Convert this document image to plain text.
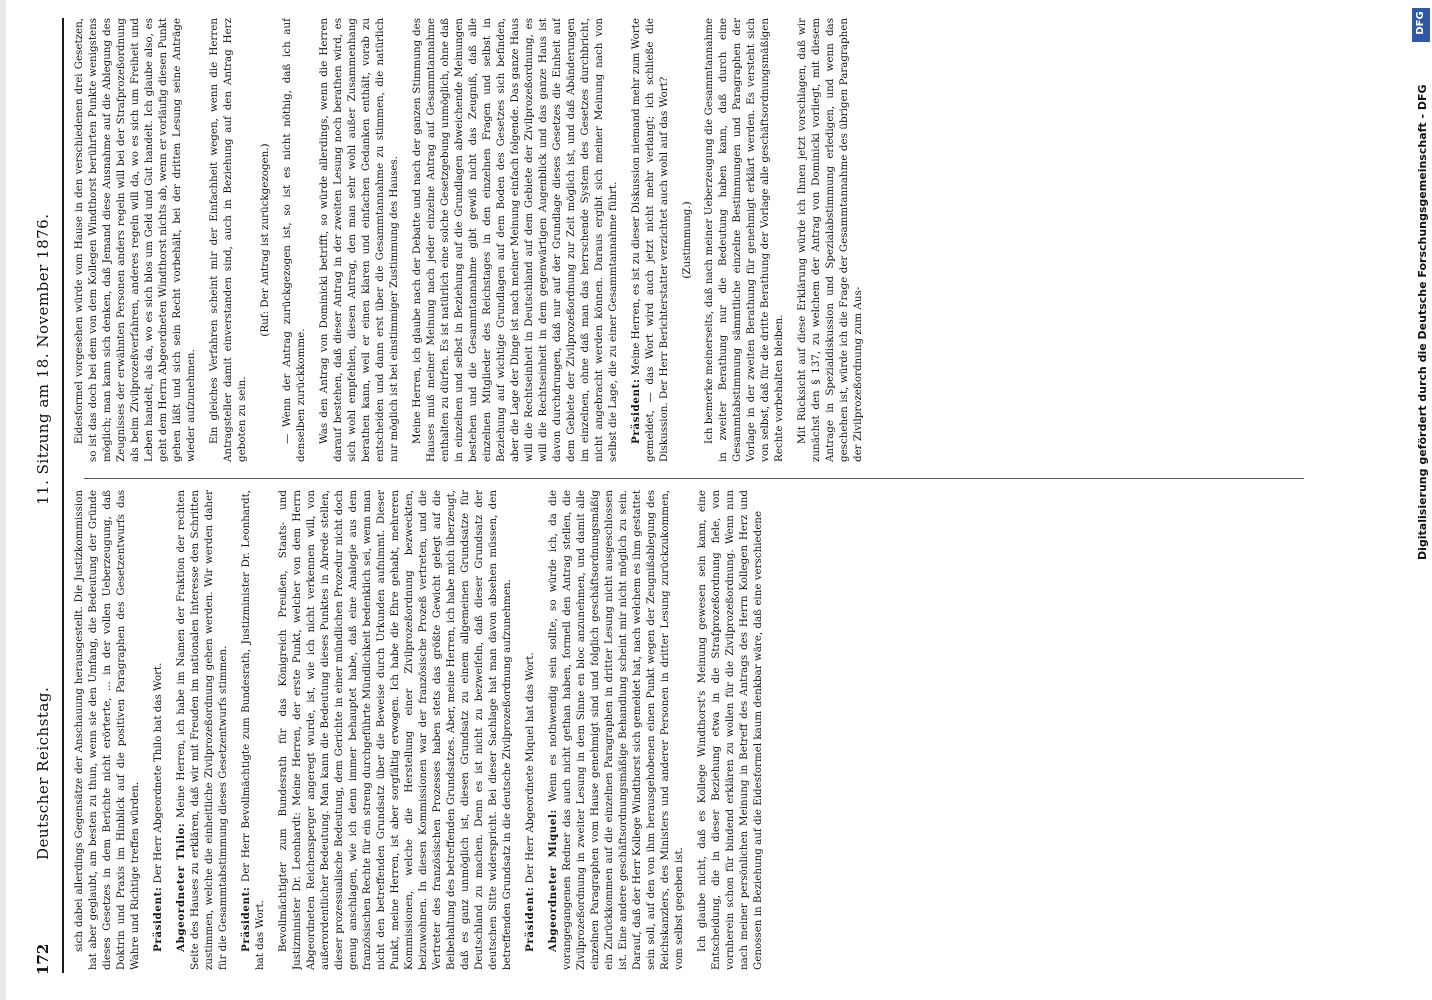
172
Deutscher Reichstag.
11. Sitzung am 18. November 1876.

sich dabei allerdings Gegensätze der Anschauung herausgestellt. Die Justizkommission hat aber geglaubt, am besten zu thun, wenn sie den Umfang, die Bedeutung der Gründe dieses Gesetzes in dem Berichte nicht erörterte, ... in der vollen Ueberzeugung, daß Doktrin und Praxis im Hinblick auf die positiven Paragraphen des Gesetzentwurfs das Wahre und Richtige treffen würden. Präsident: Der Herr Abgeordnete Thilo hat das Wort.

Abgeordneter Thilo: Meine Herren, ich habe im Namen der Fraktion der rechten Seite des Hauses zu erklären, daß wir mit Freuden im nationalen Interesse den Schritten zustimmen, welche die einheitliche Zivilprozeßordnung gehen werden. Wir werden daher für die Gesammtabstimmung dieses Gesetzentwurfs stimmen. Präsident: Der Herr Bevollmächtigte zum Bundesrath, Justizminister Dr. Leonhardt, hat das Wort. Bevollmächtigter zum Bundesrath für das Königreich Preußen, Staats- und Justizminister Dr. Leonhardt: Meine Herren, der erste Punkt, welcher von dem Herrn Abgeordneten Reichensperger angeregt wurde, ist, wie ich nicht verkennen will, von außerordentlicher Bedeutung. Man kann die Bedeutung dieses Punktes in Abrede stellen, dieser prozessualische Bedeutung, dem Gerichte in einer mündlichen Prozedur nicht doch genug anschlagen, wie ich denn immer behauptet habe, daß eine Analogie aus dem französischen Rechte für ein streng durchgeführte Mündlichkeit bedenklich sei, wenn man nicht den betreffenden Grundsatz über die Beweise durch Urkunden aufnimmt. Dieser Punkt, meine Herren, ist aber sorgfältig erwogen. Ich habe die Ehre gehabt, mehreren Kommissionen, welche die Herstellung einer Zivilprozeßordnung bezweckten, beizuwohnen. In diesen Kommissionen war der französische Prozeß vertreten, und die Vertreter des französischen Prozesses haben stets das größte Gewicht gelegt auf die Beibehaltung des betreffenden Grundsatzes. Aber, meine Herren, ich habe mich überzeugt, daß es ganz unmöglich ist, diesen Grundsatz zu einem allgemeinen Grundsatze für Deutschland zu machen. Denn es ist nicht zu bezweifeln, daß dieser Grundsatz der deutschen Sitte widerspricht. Bei dieser Sachlage hat man davon absehen müssen, den betreffenden Grundsatz in die deutsche Zivilprozeßordnung aufzunehmen. Präsident: Der Herr Abgeordnete Miquel hat das Wort. Abgeordneter Miquel: Wenn es nothwendig sein sollte, so würde ich, da die vorangegangenen Redner das auch nicht gethan haben, formell den Antrag stellen, die Zivilprozeßordnung in zweiter Lesung in dem Sinne en bloc anzunehmen, und damit alle einzelnen Paragraphen vom Hause genehmigt sind und folglich geschäftsordnungsmäßig ein Zurückkommen auf die einzelnen Paragraphen in dritter Lesung nicht ausgeschlossen ist. Eine andere geschäftsordnungsmäßige Behandlung scheint mir nicht möglich zu sein. Darauf, daß der Herr Kollege Windthorst sich gemeldet hat, nach welchem es ihm gestattet sein soll, auf den von ihm herausgehobenen einen Punkt wegen der Zeugnißablegung des Reichskanzlers, des Ministers und anderer Personen in dritter Lesung zurückzukommen, vom selbst gegeben ist. Ich glaube nicht, daß es Kollege Windthorst's Meinung gewesen sein kann, eine Entscheidung, die in dieser Beziehung etwa in die Strafprozeßordnung fiele, von vornherein schon für bindend erklären zu wollen für die Zivilprozeßordnung. Wenn nun nach meiner persönlichen Meinung in Betreff des Antrags des Herrn Kollegen Herz und Genossen in Beziehung auf die Eidesformel kaum denkbar wäre, daß eine verschiedene

Eidesformel vorgesehen würde vom Hause in den verschiedenen drei Gesetzen, so ist das doch bei dem von dem Kollegen Windthorst berührten Punkte wenigstens möglich; man kann sich denken, daß Jemand diese Ausnahme auf die Ablegung des Zeugnisses der erwähnten Personen anders regeln will bei der Strafprozeßordnung als beim Zivilprozeßverfahren, anderes regeln will da, wo es sich um Freiheit und Leben handelt, als da, wo es sich blos um Geld und Gut handelt. Ich glaube also, es geht dem Herrn Abgeordneten Windthorst nichts ab, wenn er vorläufig diesen Punkt gehen läßt und sich sein Recht vorbehält, bei der dritten Lesung seine Anträge wieder aufzunehmen. Ein gleiches Verfahren scheint mir der Einfachheit wegen, wenn die Herren Antragsteller damit einverstanden sind, auch in Beziehung auf den Antrag Herz geboten zu sein.

(Ruf: Der Antrag ist zurückgezogen.) — Wenn der Antrag zurückgezogen ist, so ist es nicht nöthig, daß ich auf denselben zurückkomme. Was den Antrag von Dominicki betrifft, so würde allerdings, wenn die Herren darauf bestehen, daß dieser Antrag in der zweiten Lesung noch berathen wird, es sich wohl empfehlen, diesen Antrag, den man sehr wohl außer Zusammenhang berathen kann, weil er einen klaren und einfachen Gedanken enthält, vorab zu entscheiden und dann erst über die Gesammtannahme zu stimmen, die natürlich nur möglich ist bei einstimmiger Zustimmung des Hauses. Meine Herren, ich glaube nach der Debatte und nach der ganzen Stimmung des Hauses muß meiner Meinung nach jeder einzelne Antrag auf Gesammtannahme enthalten zu dürfen. Es ist natürlich eine solche Gesetzgebung unmöglich, ohne daß in einzelnen und selbst in Beziehung auf die Grundlagen abweichende Meinungen bestehen und die Gesammtannahme gibt gewiß nicht das Zeugniß, daß alle einzelnen Mitglieder des Reichstages in den einzelnen Fragen und selbst in Beziehung auf wichtige Grundlagen auf dem Boden des Gesetzes sich befinden, aber die Lage der Dinge ist nach meiner Meinung einfach folgende. Das ganze Haus will die Rechtseinheit in Deutschland auf dem Gebiete der Zivilprozeßordnung, es will die Rechtseinheit in dem gegenwärtigen Augenblick und das ganze Haus ist davon durchdrungen, daß nur auf der Grundlage dieses Gesetzes die Einheit auf dem Gebiete der Zivilprozeßordnung zur Zeit möglich ist, und daß Abänderungen im einzelnen, ohne daß man das herrschende System des Gesetzes durchbricht, nicht angebracht werden können. Daraus ergibt sich meiner Meinung nach von selbst die Lage, die zu einer Gesammtannahme führt. Präsident: Meine Herren, es ist zu dieser Diskussion niemand mehr zum Worte gemeldet, — das Wort wird auch jetzt nicht mehr verlangt; ich schließe die Diskussion. Der Herr Berichterstatter verzichtet auch wohl auf das Wort? (Zustimmung.) Ich bemerke meinerseits, daß nach meiner Ueberzeugung die Gesammtannahme in zweiter Berathung nur die Bedeutung haben kann, daß durch eine Gesammtabstimmung sämmtliche einzelne Bestimmungen und Paragraphen der Vorlage in der zweiten Berathung für genehmigt erklärt werden. Es versteht sich von selbst, daß für die dritte Berathung der Vorlage alle geschäftsordnungsmäßigen Rechte vorbehalten bleiben. Mit Rücksicht auf diese Erklärung würde ich Ihnen jetzt vorschlagen, daß wir zunächst den § 137, zu welchem der Antrag von Dominicki vorliegt, mit diesem Antrage in Spezialdiskussion und Spezialabstimmung erledigen, und wenn das geschehen ist, würde ich die Frage der Gesammtannahme des übrigen Paragraphen der Zivilprozeßordnung zum Aus-

DFG
Digitalisierung gefördert durch die Deutsche Forschungsgemeinschaft - DFG
